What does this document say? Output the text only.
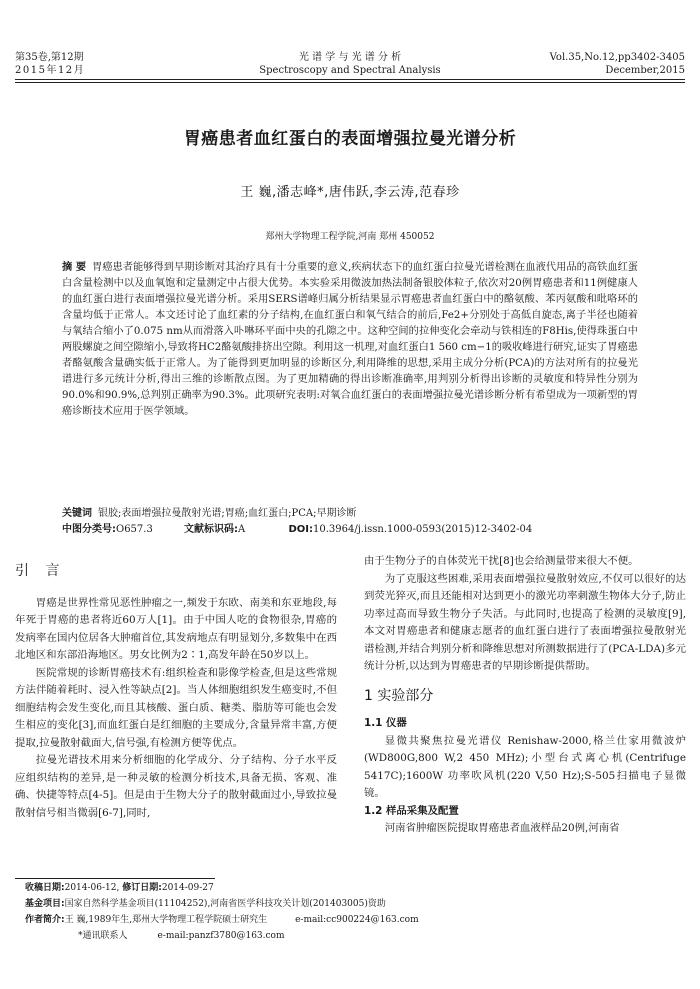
第35卷,第12期
2015年12月
光 谱 学 与 光 谱 分 析
Spectroscopy and Spectral Analysis
Vol.35,No.12,pp3402-3405
December,2015
胃癌患者血红蛋白的表面增强拉曼光谱分析
王 巍,潘志峰*,唐伟跃,李云涛,范春珍
郑州大学物理工程学院,河南 郑州 450052
摘 要 胃癌患者能够得到早期诊断对其治疗具有十分重要的意义,疾病状态下的血红蛋白拉曼光谱检测在血液代用品的高铁血红蛋白含量检测中以及血氧饱和定量测定中占很大优势。本实验采用微波加热法制备银胶体粒子,依次对20例胃癌患者和11例健康人的血红蛋白进行表面增强拉曼光谱分析。采用SERS谱峰归属分析结果显示胃癌患者血红蛋白中的酪氨酸、苯丙氨酸和吡咯环的含量均低于正常人。本文还讨论了血红素的分子结构,在血红蛋白和氧气结合的前后,Fe2+分别处于高低自旋态,离子半径也随着与氧结合缩小了0.075 nm从而滑落入卟啉环平面中央的孔隙之中。这种空间的拉伸变化会牵动与铁相连的F8His,使得珠蛋白中两股螺旋之间空隙缩小,导致将HC2酪氨酸排挤出空隙。利用这一机理,对血红蛋白1 560 cm−1的吸收峰进行研究,证实了胃癌患者酪氨酸含量确实低于正常人。为了能得到更加明显的诊断区分,利用降维的思想,采用主成分分析(PCA)的方法对所有的拉曼光谱进行多元统计分析,得出三维的诊断散点图。为了更加精确的得出诊断准确率,用判别分析得出诊断的灵敏度和特异性分别为90.0%和90.9%,总判别正确率为90.3%。此项研究表明:对氧合血红蛋白的表面增强拉曼光谱诊断分析有希望成为一项新型的胃癌诊断技术应用于医学领域。
关键词 银胶;表面增强拉曼散射光谱;胃癌;血红蛋白;PCA;早期诊断
中图分类号:O657.3	文献标识码:A	DOI:10.3964/j.issn.1000-0593(2015)12-3402-04
引 言

胃癌是世界性常见恶性肿瘤之一,频发于东欧、南美和东亚地段,每年死于胃癌的患者将近60万人[1]。由于中国人吃的食物很杂,胃癌的发病率在国内位居各大肿瘤首位,其发病地点有明显划分,多数集中在西北地区和东部沿海地区。男女比例为2∶1,高发年龄在50岁以上。

医院常规的诊断胃癌技术有:组织检查和影像学检查,但是这些常规方法伴随着耗时、浸入性等缺点[2]。当人体细胞组织发生癌变时,不但细胞结构会发生变化,而且其核酸、蛋白质、糖类、脂肪等可能也会发生相应的变化[3],而血红蛋白是红细胞的主要成分,含量异常丰富,方便提取,拉曼散射截面大,信号强,有检测方便等优点。

拉曼光谱技术用来分析细胞的化学成分、分子结构、分子水平反应组织结构的差异,是一种灵敏的检测分析技术,具备无损、客观、准确、快捷等特点[4-5]。但是由于生物大分子的散射截面过小,导致拉曼散射信号相当微弱[6-7],同时,

由于生物分子的自体荧光干扰[8]也会给测量带来很大不便。

为了克服这些困难,采用表面增强拉曼散射效应,不仅可以很好的达到荧光猝灭,而且还能相对达到更小的激光功率刺激生物体大分子,防止功率过高而导致生物分子失活。与此同时,也提高了检测的灵敏度[9],本文对胃癌患者和健康志愿者的血红蛋白进行了表面增强拉曼散射光谱检测,并结合判别分析和降维思想对所测数据进行了(PCA-LDA)多元统计分析,以达到为胃癌患者的早期诊断提供帮助。

1 实验部分
1.1 仪器

显微共聚焦拉曼光谱仪 Renishaw-2000,格兰仕家用微波炉(WD800G,800 W,2 450 MHz);小型台式离心机(Centrifuge 5417C);1600W 功率吹风机(220 V,50 Hz);S-505扫描电子显微镜。

1.2 样品采集及配置

河南省肿瘤医院提取胃癌患者血液样品20例,河南省

收稿日期:2014-06-12, 修订日期:2014-09-27
基金项目:国家自然科学基金项目(11104252),河南省医学科技攻关计划(201403005)资助
作者简介:王 巍,1989年生,郑州大学物理工程学院硕士研究生	e-mail:cc900224@163.com
*通讯联系人	e-mail:panzf3780@163.com
